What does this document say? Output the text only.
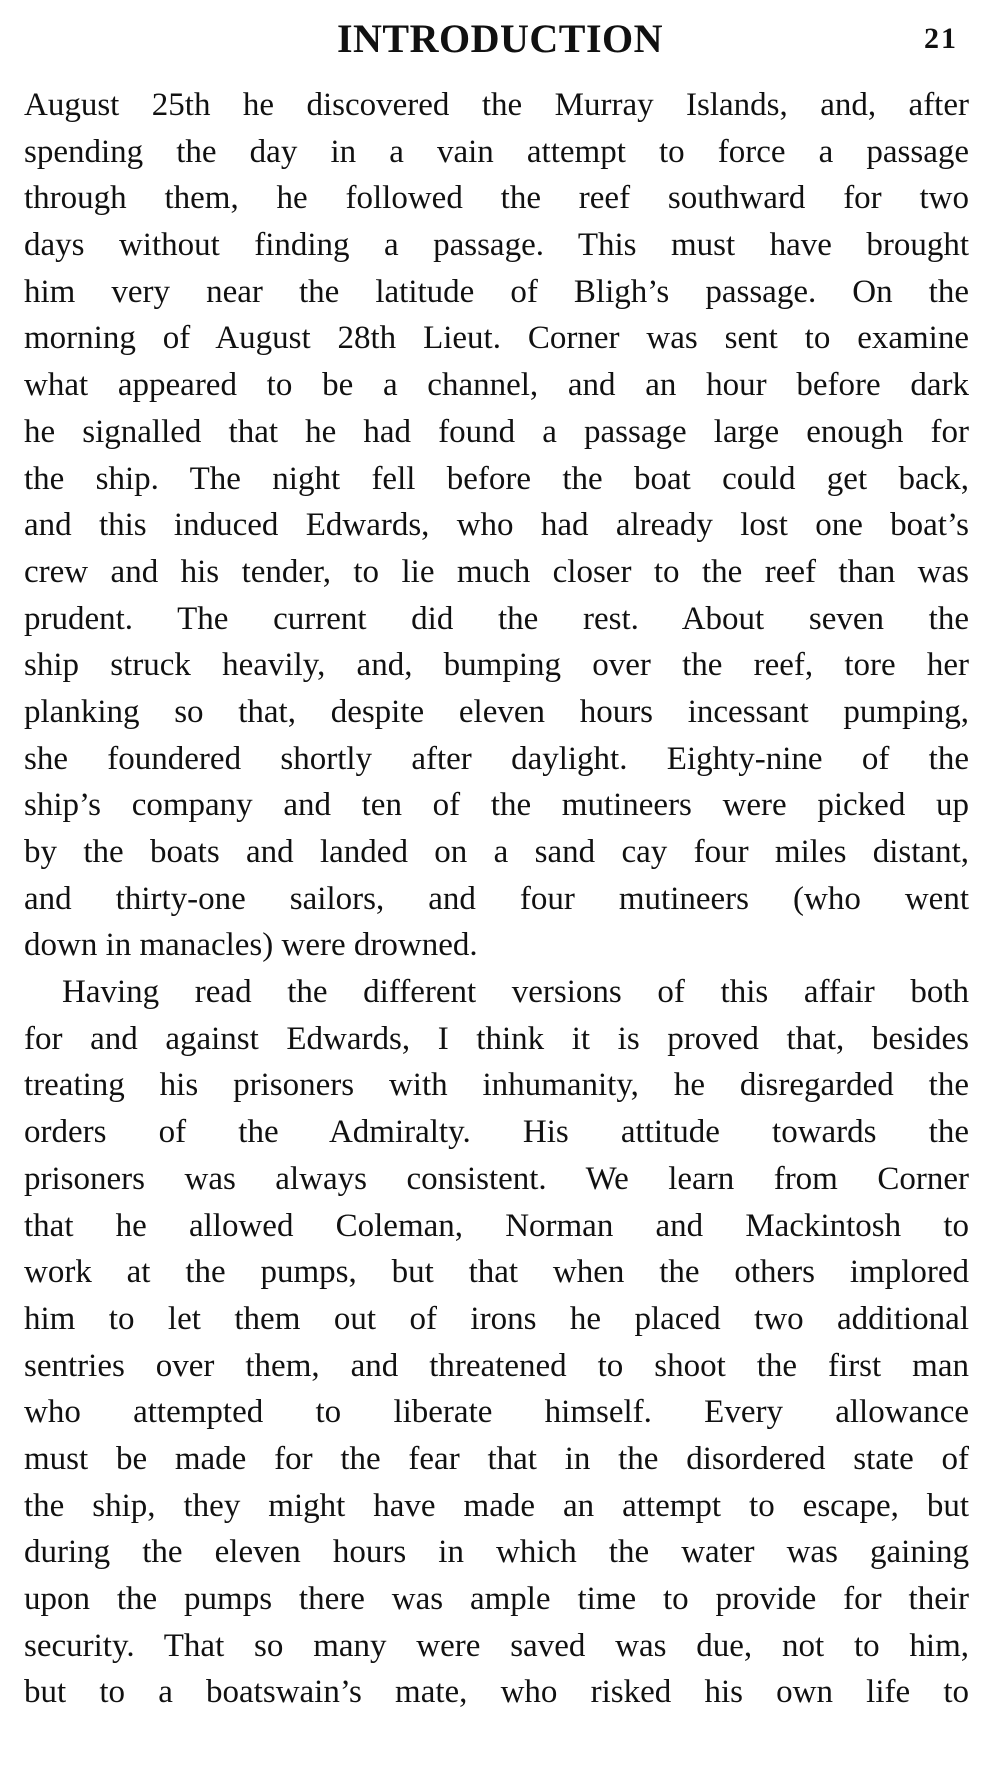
INTRODUCTION	21
August 25th he discovered the Murray Islands, and, after
spending the day in a vain attempt to force a passage
through them, he followed the reef southward for two
days without finding a passage. This must have brought
him very near the latitude of Bligh’s passage. On the
morning of August 28th Lieut. Corner was sent to examine
what appeared to be a channel, and an hour before dark
he signalled that he had found a passage large enough for
the ship. The night fell before the boat could get back,
and this induced Edwards, who had already lost one boat’s
crew and his tender, to lie much closer to the reef than was
prudent. The current did the rest. About seven the
ship struck heavily, and, bumping over the reef, tore her
planking so that, despite eleven hours incessant pumping,
she foundered shortly after daylight. Eighty-nine of the
ship’s company and ten of the mutineers were picked up
by the boats and landed on a sand cay four miles distant,
and thirty-one sailors, and four mutineers (who went
down in manacles) were drowned.
Having read the different versions of this affair both
for and against Edwards, I think it is proved that, besides
treating his prisoners with inhumanity, he disregarded the
orders of the Admiralty. His attitude towards the
prisoners was always consistent. We learn from Corner
that he allowed Coleman, Norman and Mackintosh to
work at the pumps, but that when the others implored
him to let them out of irons he placed two additional
sentries over them, and threatened to shoot the first man
who attempted to liberate himself. Every allowance
must be made for the fear that in the disordered state of
the ship, they might have made an attempt to escape, but
during the eleven hours in which the water was gaining
upon the pumps there was ample time to provide for their
security. That so many were saved was due, not to him,
but to a boatswain’s mate, who risked his own life to
